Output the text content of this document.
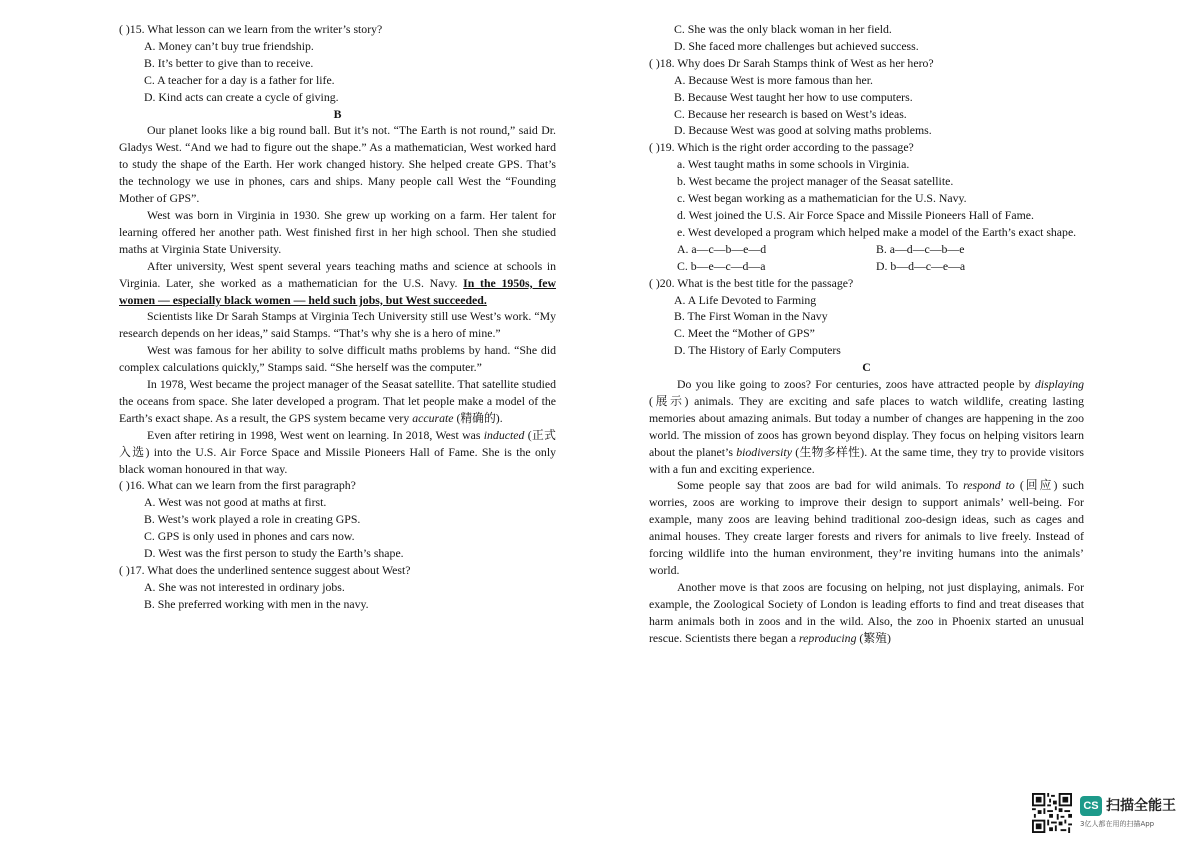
( )15. What lesson can we learn from the writer’s story?
A. Money can’t buy true friendship.
B. It’s better to give than to receive.
C. A teacher for a day is a father for life.
D. Kind acts can create a cycle of giving.
B

Our planet looks like a big round ball. But it’s not. “The Earth is not round,” said Dr. Gladys West. “And we had to figure out the shape.” As a mathematician, West worked hard to study the shape of the Earth. Her work changed history. She helped create GPS. That’s the technology we use in phones, cars and ships. Many people call West the “Founding Mother of GPS”.

West was born in Virginia in 1930. She grew up working on a farm. Her talent for learning offered her another path. West finished first in her high school. Then she studied maths at Virginia State University.

After university, West spent several years teaching maths and science at schools in Virginia. Later, she worked as a mathematician for the U.S. Navy. In the 1950s, few women — especially black women — held such jobs, but West succeeded.

Scientists like Dr Sarah Stamps at Virginia Tech University still use West’s work. “My research depends on her ideas,” said Stamps. “That’s why she is a hero of mine.”

West was famous for her ability to solve difficult maths problems by hand. “She did complex calculations quickly,” Stamps said. “She herself was the computer.”

In 1978, West became the project manager of the Seasat satellite. That satellite studied the oceans from space. She later developed a program. That let people make a model of the Earth’s exact shape. As a result, the GPS system became very accurate (精确的).

Even after retiring in 1998, West went on learning. In 2018, West was inducted (正式入选) into the U.S. Air Force Space and Missile Pioneers Hall of Fame. She is the only black woman honoured in that way.

( )16. What can we learn from the first paragraph?
A. West was not good at maths at first.
B. West’s work played a role in creating GPS.
C. GPS is only used in phones and cars now.
D. West was the first person to study the Earth’s shape.
( )17. What does the underlined sentence suggest about West?
A. She was not interested in ordinary jobs.
B. She preferred working with men in the navy.
C. She was the only black woman in her field.
D. She faced more challenges but achieved success.
( )18. Why does Dr Sarah Stamps think of West as her hero?
A. Because West is more famous than her.
B. Because West taught her how to use computers.
C. Because her research is based on West’s ideas.
D. Because West was good at solving maths problems.
( )19. Which is the right order according to the passage?
a. West taught maths in some schools in Virginia.
b. West became the project manager of the Seasat satellite.
c. West began working as a mathematician for the U.S. Navy.
d. West joined the U.S. Air Force Space and Missile Pioneers Hall of Fame.
e. West developed a program which helped make a model of the Earth’s exact shape.
A. a—c—b—e—d	B. a—d—c—b—e
C. b—e—c—d—a	D. b—d—c—e—a
( )20. What is the best title for the passage?
A. A Life Devoted to Farming
B. The First Woman in the Navy
C. Meet the “Mother of GPS”
D. The History of Early Computers
C

Do you like going to zoos? For centuries, zoos have attracted people by displaying (展示) animals. They are exciting and safe places to watch wildlife, creating lasting memories about amazing animals. But today a number of changes are happening in the zoo world. The mission of zoos has grown beyond display. They focus on helping visitors learn about the planet’s biodiversity (生物多样性). At the same time, they try to provide visitors with a fun and exciting experience.

Some people say that zoos are bad for wild animals. To respond to (回应) such worries, zoos are working to improve their design to support animals’ well-being. For example, many zoos are leaving behind traditional zoo-design ideas, such as cages and animal houses. They create larger forests and rivers for animals to live freely. Instead of forcing wildlife into the human environment, they’re inviting humans into the animals’ world.

Another move is that zoos are focusing on helping, not just displaying, animals. For example, the Zoological Society of London is leading efforts to find and treat diseases that harm animals both in zoos and in the wild. Also, the zoo in Phoenix started an unusual rescue. Scientists there began a reproducing (繁殖)

CS 扫描全能王
3亿人都在用的扫描App
